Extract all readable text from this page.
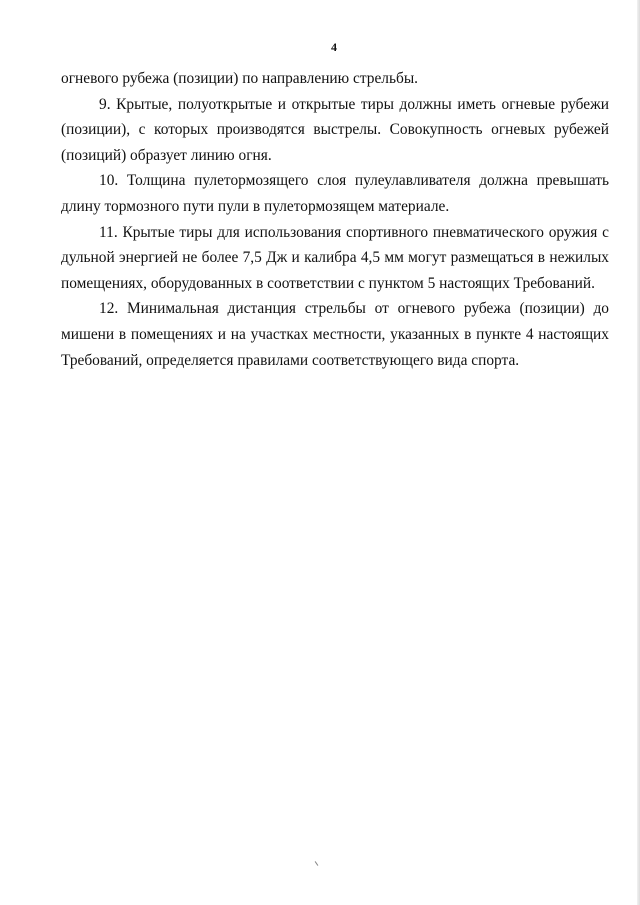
4

огневого рубежа (позиции) по направлению стрельбы.

9. Крытые, полуоткрытые и открытые тиры должны иметь огневые рубежи (позиции), с которых производятся выстрелы. Совокупность огневых рубежей (позиций) образует линию огня.

10. Толщина пулетормозящего слоя пулеулавливателя должна превышать длину тормозного пути пули в пулетормозящем материале.

11. Крытые тиры для использования спортивного пневматического оружия с дульной энергией не более 7,5 Дж и калибра 4,5 мм могут размещаться в нежилых помещениях, оборудованных в соответствии с пунктом 5 настоящих Требований.

12. Минимальная дистанция стрельбы от огневого рубежа (позиции) до мишени в помещениях и на участках местности, указанных в пункте 4 настоящих Требований, определяется правилами соответствующего вида спорта.
